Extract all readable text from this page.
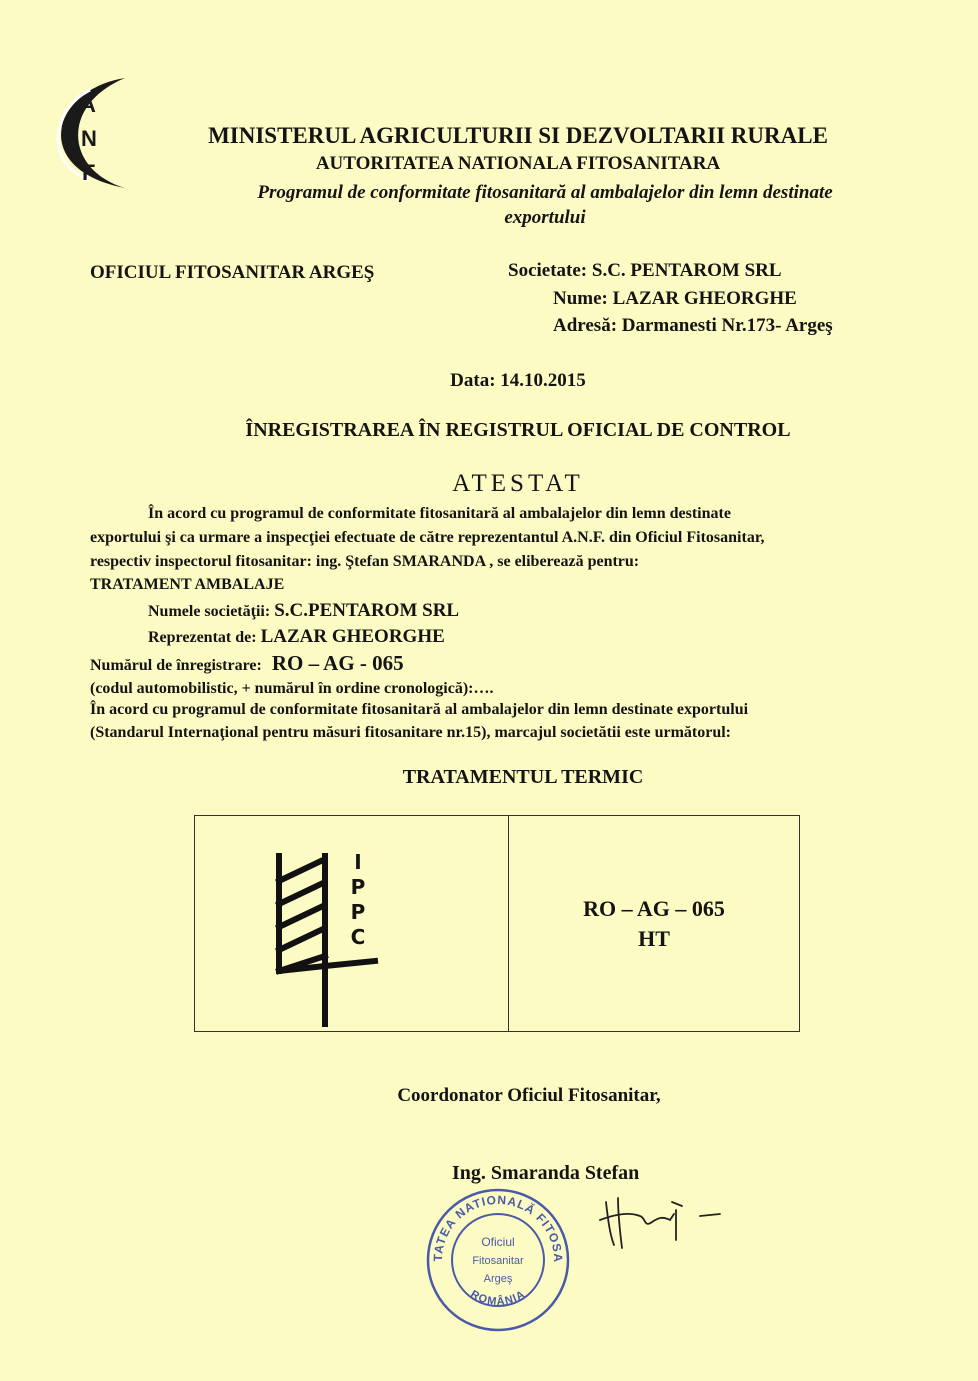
A
N
F
MINISTERUL AGRICULTURII SI DEZVOLTARII RURALE
AUTORITATEA NATIONALA FITOSANITARA
Programul de conformitate fitosanitară al ambalajelor din lemn destinate
exportului
OFICIUL FITOSANITAR ARGEŞ	Societate: S.C. PENTAROM SRL
Nume: LAZAR GHEORGHE
Adresă: Darmanesti Nr.173- Argeş
Data: 14.10.2015
ÎNREGISTRAREA ÎN REGISTRUL OFICIAL DE CONTROL
ATESTAT
În acord cu programul de conformitate fitosanitară al ambalajelor din lemn destinate
exportului şi ca urmare a inspecţiei efectuate de către reprezentantul A.N.F. din Oficiul Fitosanitar,
respectiv inspectorul fitosanitar: ing. Ştefan SMARANDA , se eliberează pentru:
TRATAMENT AMBALAJE
Numele societăţii: S.C.PENTAROM SRL
Reprezentat de: LAZAR GHEORGHE
Numărul de înregistrare: RO – AG - 065
(codul automobilistic, + numărul în ordine cronologică):….
În acord cu programul de conformitate fitosanitară al ambalajelor din lemn destinate exportului
(Standarul Internaţional pentru măsuri fitosanitare nr.15), marcajul societătii este următorul:
TRATAMENTUL TERMIC
I
P
P
C
RO – AG – 065
HT
Coordonator Oficiul Fitosanitar,
Ing. Smaranda Stefan
TATEA NATIONALĂ FITOSA
ROMÂNIA
Oficiul
Fitosanitar
Argeş
